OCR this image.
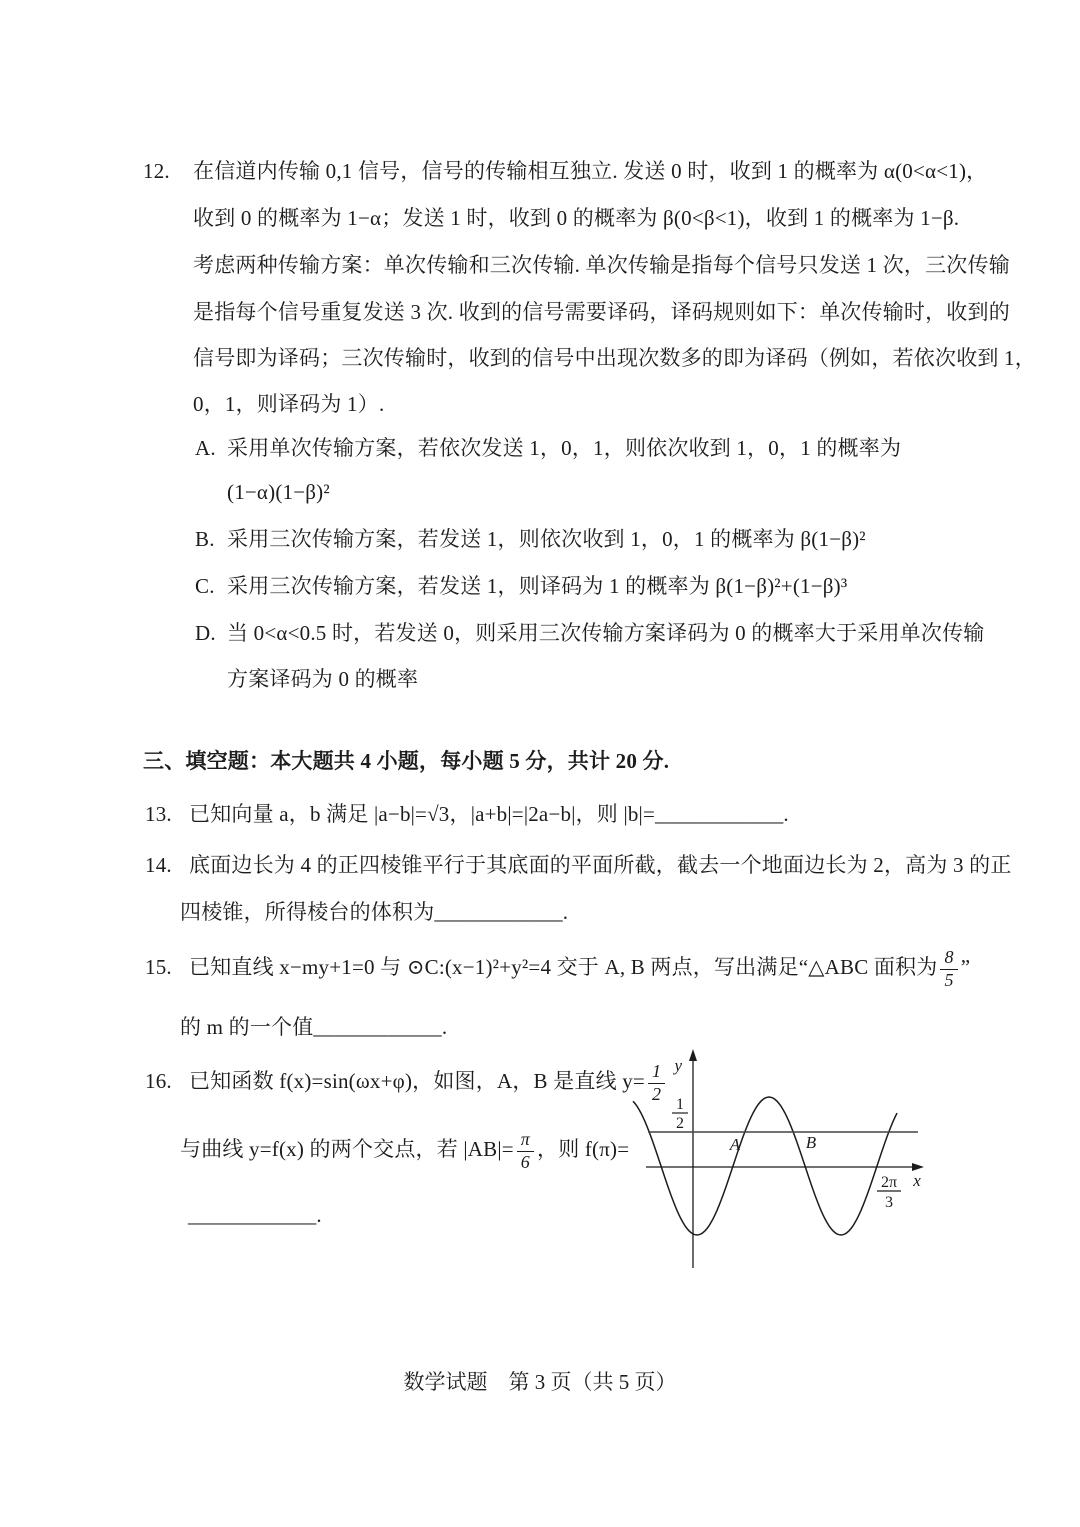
12. 在信道内传输 0,1 信号，信号的传输相互独立. 发送 0 时，收到 1 的概率为 α(0<α<1)，
收到 0 的概率为 1−α；发送 1 时，收到 0 的概率为 β(0<β<1)，收到 1 的概率为 1−β.
考虑两种传输方案：单次传输和三次传输. 单次传输是指每个信号只发送 1 次，三次传输
是指每个信号重复发送 3 次. 收到的信号需要译码，译码规则如下：单次传输时，收到的
信号即为译码；三次传输时，收到的信号中出现次数多的即为译码（例如，若依次收到 1，
0，1，则译码为 1）.
A. 采用单次传输方案，若依次发送 1，0，1，则依次收到 1，0，1 的概率为
(1−α)(1−β)²
B. 采用三次传输方案，若发送 1，则依次收到 1，0，1 的概率为 β(1−β)²
C. 采用三次传输方案，若发送 1，则译码为 1 的概率为 β(1−β)²+(1−β)³
D. 当 0<α<0.5 时，若发送 0，则采用三次传输方案译码为 0 的概率大于采用单次传输
方案译码为 0 的概率
三、填空题：本大题共 4 小题，每小题 5 分，共计 20 分.
13. 已知向量 a，b 满足 |a−b|=√3，|a+b|=|2a−b|，则 |b|=____________.
14. 底面边长为 4 的正四棱锥平行于其底面的平面所截，截去一个地面边长为 2，高为 3 的正
四棱锥，所得棱台的体积为____________.
15. 已知直线 x−my+1=0 与 ⊙C:(x−1)²+y²=4 交于 A, B 两点，写出满足“△ABC 面积为 $\frac{8}{5}$ ”
的 m 的一个值____________.
16. 已知函数 f(x)=sin(ωx+φ)，如图，A，B 是直线 $y= \frac{1}{2}$
与曲线 y=f(x) 的两个交点，若 $|AB|= \frac{\pi}{6}$ ，则 f(π)=
____________.
y
1
2
A	B
2π
3
x
数学试题　第 3 页（共 5 页）
